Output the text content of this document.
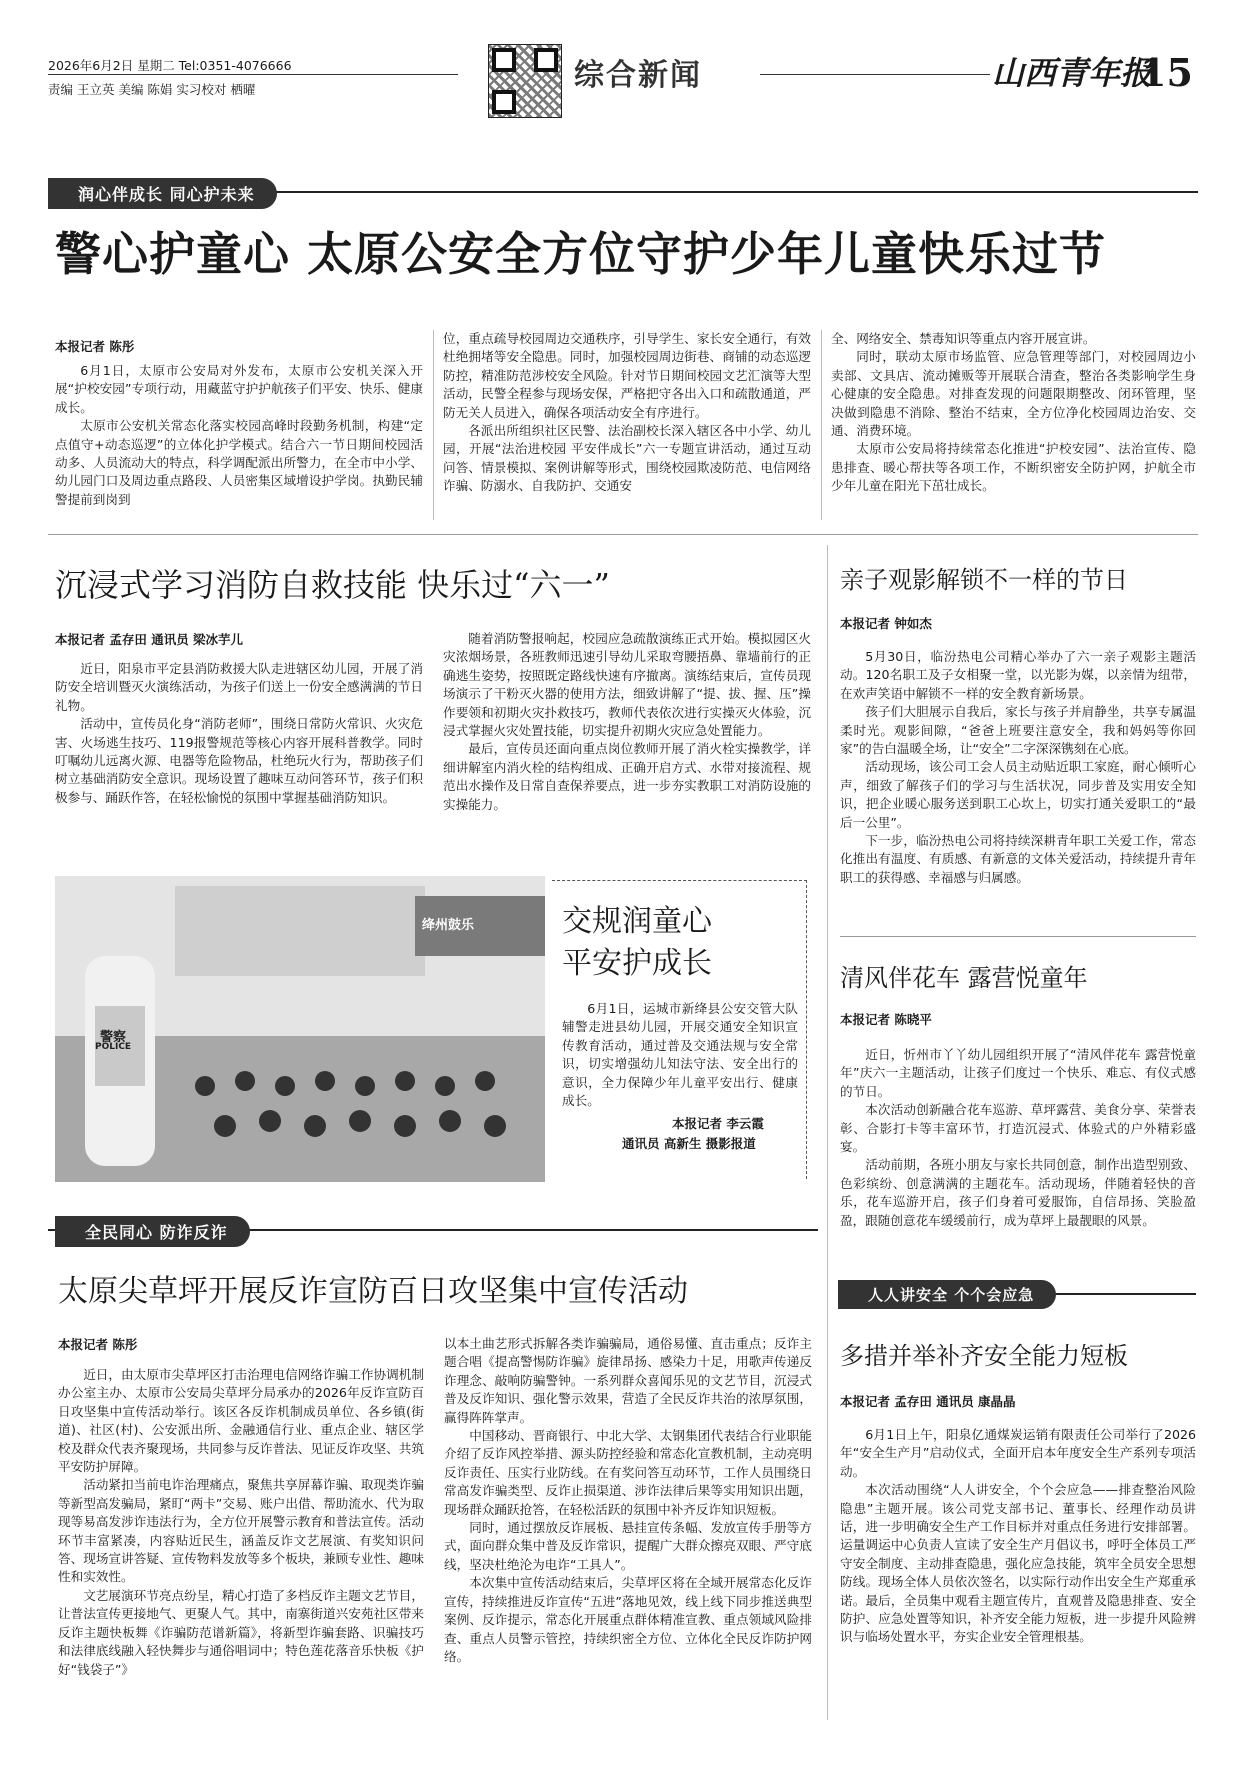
2026年6月2日 星期二 Tel:0351-4076666
责编 王立英 美编 陈娟 实习校对 栖曜	综合新闻	山西青年报
15
润心伴成长 同心护未来
警心护童心 太原公安全方位守护少年儿童快乐过节
本报记者 陈彤

6月1日，太原市公安局对外发布，太原市公安机关深入开展“护校安园”专项行动，用藏蓝守护护航孩子们平安、快乐、健康成长。

太原市公安机关常态化落实校园高峰时段勤务机制，构建“定点值守+动态巡逻”的立体化护学模式。结合六一节日期间校园活动多、人员流动大的特点，科学调配派出所警力，在全市中小学、幼儿园门口及周边重点路段、人员密集区域增设护学岗。执勤民辅警提前到岗到

位，重点疏导校园周边交通秩序，引导学生、家长安全通行，有效杜绝拥堵等安全隐患。同时，加强校园周边街巷、商铺的动态巡逻防控，精准防范涉校安全风险。针对节日期间校园文艺汇演等大型活动，民警全程参与现场安保，严格把守各出入口和疏散通道，严防无关人员进入，确保各项活动安全有序进行。

各派出所组织社区民警、法治副校长深入辖区各中小学、幼儿园，开展“法治进校园 平安伴成长”六一专题宣讲活动，通过互动问答、情景模拟、案例讲解等形式，围绕校园欺凌防范、电信网络诈骗、防溺水、自我防护、交通安

全、网络安全、禁毒知识等重点内容开展宣讲。

同时，联动太原市场监管、应急管理等部门，对校园周边小卖部、文具店、流动摊贩等开展联合清查，整治各类影响学生身心健康的安全隐患。对排查发现的问题限期整改、闭环管理，坚决做到隐患不消除、整治不结束，全方位净化校园周边治安、交通、消费环境。

太原市公安局将持续常态化推进“护校安园”、法治宣传、隐患排查、暖心帮扶等各项工作，不断织密安全防护网，护航全市少年儿童在阳光下茁壮成长。

沉浸式学习消防自救技能 快乐过“六一”
本报记者 孟存田 通讯员 梁冰芋儿

近日，阳泉市平定县消防救援大队走进辖区幼儿园，开展了消防安全培训暨灭火演练活动，为孩子们送上一份安全感满满的节日礼物。

活动中，宣传员化身“消防老师”，围绕日常防火常识、火灾危害、火场逃生技巧、119报警规范等核心内容开展科普教学。同时叮嘱幼儿远离火源、电器等危险物品，杜绝玩火行为，帮助孩子们树立基础消防安全意识。现场设置了趣味互动问答环节，孩子们积极参与、踊跃作答，在轻松愉悦的氛围中掌握基础消防知识。

随着消防警报响起，校园应急疏散演练正式开始。模拟园区火灾浓烟场景，各班教师迅速引导幼儿采取弯腰捂鼻、靠墙前行的正确逃生姿势，按照既定路线快速有序撤离。演练结束后，宣传员现场演示了干粉灭火器的使用方法，细致讲解了“提、拔、握、压”操作要领和初期火灾扑救技巧，教师代表依次进行实操灭火体验，沉浸式掌握火灾处置技能，切实提升初期火灾应急处置能力。

最后，宣传员还面向重点岗位教师开展了消火栓实操教学，详细讲解室内消火栓的结构组成、正确开启方式、水带对接流程、规范出水操作及日常自查保养要点，进一步夯实教职工对消防设施的实操能力。

亲子观影解锁不一样的节日
本报记者 钟如杰

5月30日，临汾热电公司精心举办了六一亲子观影主题活动。120名职工及子女相聚一堂，以光影为媒，以亲情为纽带，在欢声笑语中解锁不一样的安全教育新场景。

孩子们大胆展示自我后，家长与孩子并肩静坐，共享专属温柔时光。观影间隙，“爸爸上班要注意安全，我和妈妈等你回家”的告白温暖全场，让“安全”二字深深镌刻在心底。

活动现场，该公司工会人员主动贴近职工家庭，耐心倾听心声，细致了解孩子们的学习与生活状况，同步普及实用安全知识，把企业暖心服务送到职工心坎上，切实打通关爱职工的“最后一公里”。

下一步，临汾热电公司将持续深耕青年职工关爱工作，常态化推出有温度、有质感、有新意的文体关爱活动，持续提升青年职工的获得感、幸福感与归属感。

绛州鼓乐
警察
POLICE
交规润童心
平安护成长

6月1日，运城市新绛县公安交管大队辅警走进县幼儿园，开展交通安全知识宣传教育活动，通过普及交通法规与安全常识，切实增强幼儿知法守法、安全出行的意识，全力保障少年儿童平安出行、健康成长。

本报记者 李云霞
通讯员 高新生 摄影报道
清风伴花车 露营悦童年
本报记者 陈晓平

近日，忻州市丫丫幼儿园组织开展了“清风伴花车 露营悦童年”庆六一主题活动，让孩子们度过一个快乐、难忘、有仪式感的节日。

本次活动创新融合花车巡游、草坪露营、美食分享、荣誉表彰、合影打卡等丰富环节，打造沉浸式、体验式的户外精彩盛宴。

活动前期，各班小朋友与家长共同创意，制作出造型别致、色彩缤纷、创意满满的主题花车。活动现场，伴随着轻快的音乐，花车巡游开启，孩子们身着可爱服饰，自信昂扬、笑脸盈盈，跟随创意花车缓缓前行，成为草坪上最靓眼的风景。

全民同心 防诈反诈
太原尖草坪开展反诈宣防百日攻坚集中宣传活动
本报记者 陈彤

近日，由太原市尖草坪区打击治理电信网络诈骗工作协调机制办公室主办、太原市公安局尖草坪分局承办的2026年反诈宣防百日攻坚集中宣传活动举行。该区各反诈机制成员单位、各乡镇(街道)、社区(村)、公安派出所、金融通信行业、重点企业、辖区学校及群众代表齐聚现场，共同参与反诈普法、见证反诈攻坚、共筑平安防护屏障。

活动紧扣当前电诈治理痛点，聚焦共享屏幕诈骗、取现类诈骗等新型高发骗局，紧盯“两卡”交易、账户出借、帮助流水、代为取现等易高发涉诈违法行为，全方位开展警示教育和普法宣传。活动环节丰富紧凑，内容贴近民生，涵盖反诈文艺展演、有奖知识问答、现场宣讲答疑、宣传物料发放等多个板块，兼顾专业性、趣味性和实效性。

文艺展演环节亮点纷呈，精心打造了多档反诈主题文艺节目，让普法宣传更接地气、更聚人气。其中，南寨街道兴安苑社区带来反诈主题快板舞《诈骗防范谱新篇》，将新型诈骗套路、识骗技巧和法律底线融入轻快舞步与通俗唱词中；特色莲花落音乐快板《护好“钱袋子”》

以本土曲艺形式拆解各类诈骗骗局，通俗易懂、直击重点；反诈主题合唱《提高警惕防诈骗》旋律昂扬、感染力十足，用歌声传递反诈理念、敲响防骗警钟。一系列群众喜闻乐见的文艺节目，沉浸式普及反诈知识、强化警示效果，营造了全民反诈共治的浓厚氛围，赢得阵阵掌声。

中国移动、晋商银行、中北大学、太钢集团代表结合行业职能介绍了反诈风控举措、源头防控经验和常态化宣教机制，主动亮明反诈责任、压实行业防线。在有奖问答互动环节，工作人员围绕日常高发诈骗类型、反诈止损渠道、涉诈法律后果等实用知识出题，现场群众踊跃抢答，在轻松活跃的氛围中补齐反诈知识短板。

同时，通过摆放反诈展板、悬挂宣传条幅、发放宣传手册等方式，面向群众集中普及反诈常识，提醒广大群众擦亮双眼、严守底线，坚决杜绝沦为电诈“工具人”。

本次集中宣传活动结束后，尖草坪区将在全域开展常态化反诈宣传，持续推进反诈宣传“五进”落地见效，线上线下同步推送典型案例、反诈提示，常态化开展重点群体精准宣教、重点领域风险排查、重点人员警示管控，持续织密全方位、立体化全民反诈防护网络。

人人讲安全 个个会应急
多措并举补齐安全能力短板
本报记者 孟存田 通讯员 康晶晶

6月1日上午，阳泉亿通煤炭运销有限责任公司举行了2026年“安全生产月”启动仪式，全面开启本年度安全生产系列专项活动。

本次活动围绕“人人讲安全，个个会应急——排查整治风险隐患”主题开展。该公司党支部书记、董事长、经理作动员讲话，进一步明确安全生产工作目标并对重点任务进行安排部署。运量调运中心负责人宣读了安全生产月倡议书，呼吁全体员工严守安全制度、主动排查隐患，强化应急技能，筑牢全员安全思想防线。现场全体人员依次签名，以实际行动作出安全生产郑重承诺。最后，全员集中观看主题宣传片，直观普及隐患排查、安全防护、应急处置等知识，补齐安全能力短板，进一步提升风险辨识与临场处置水平，夯实企业安全管理根基。
